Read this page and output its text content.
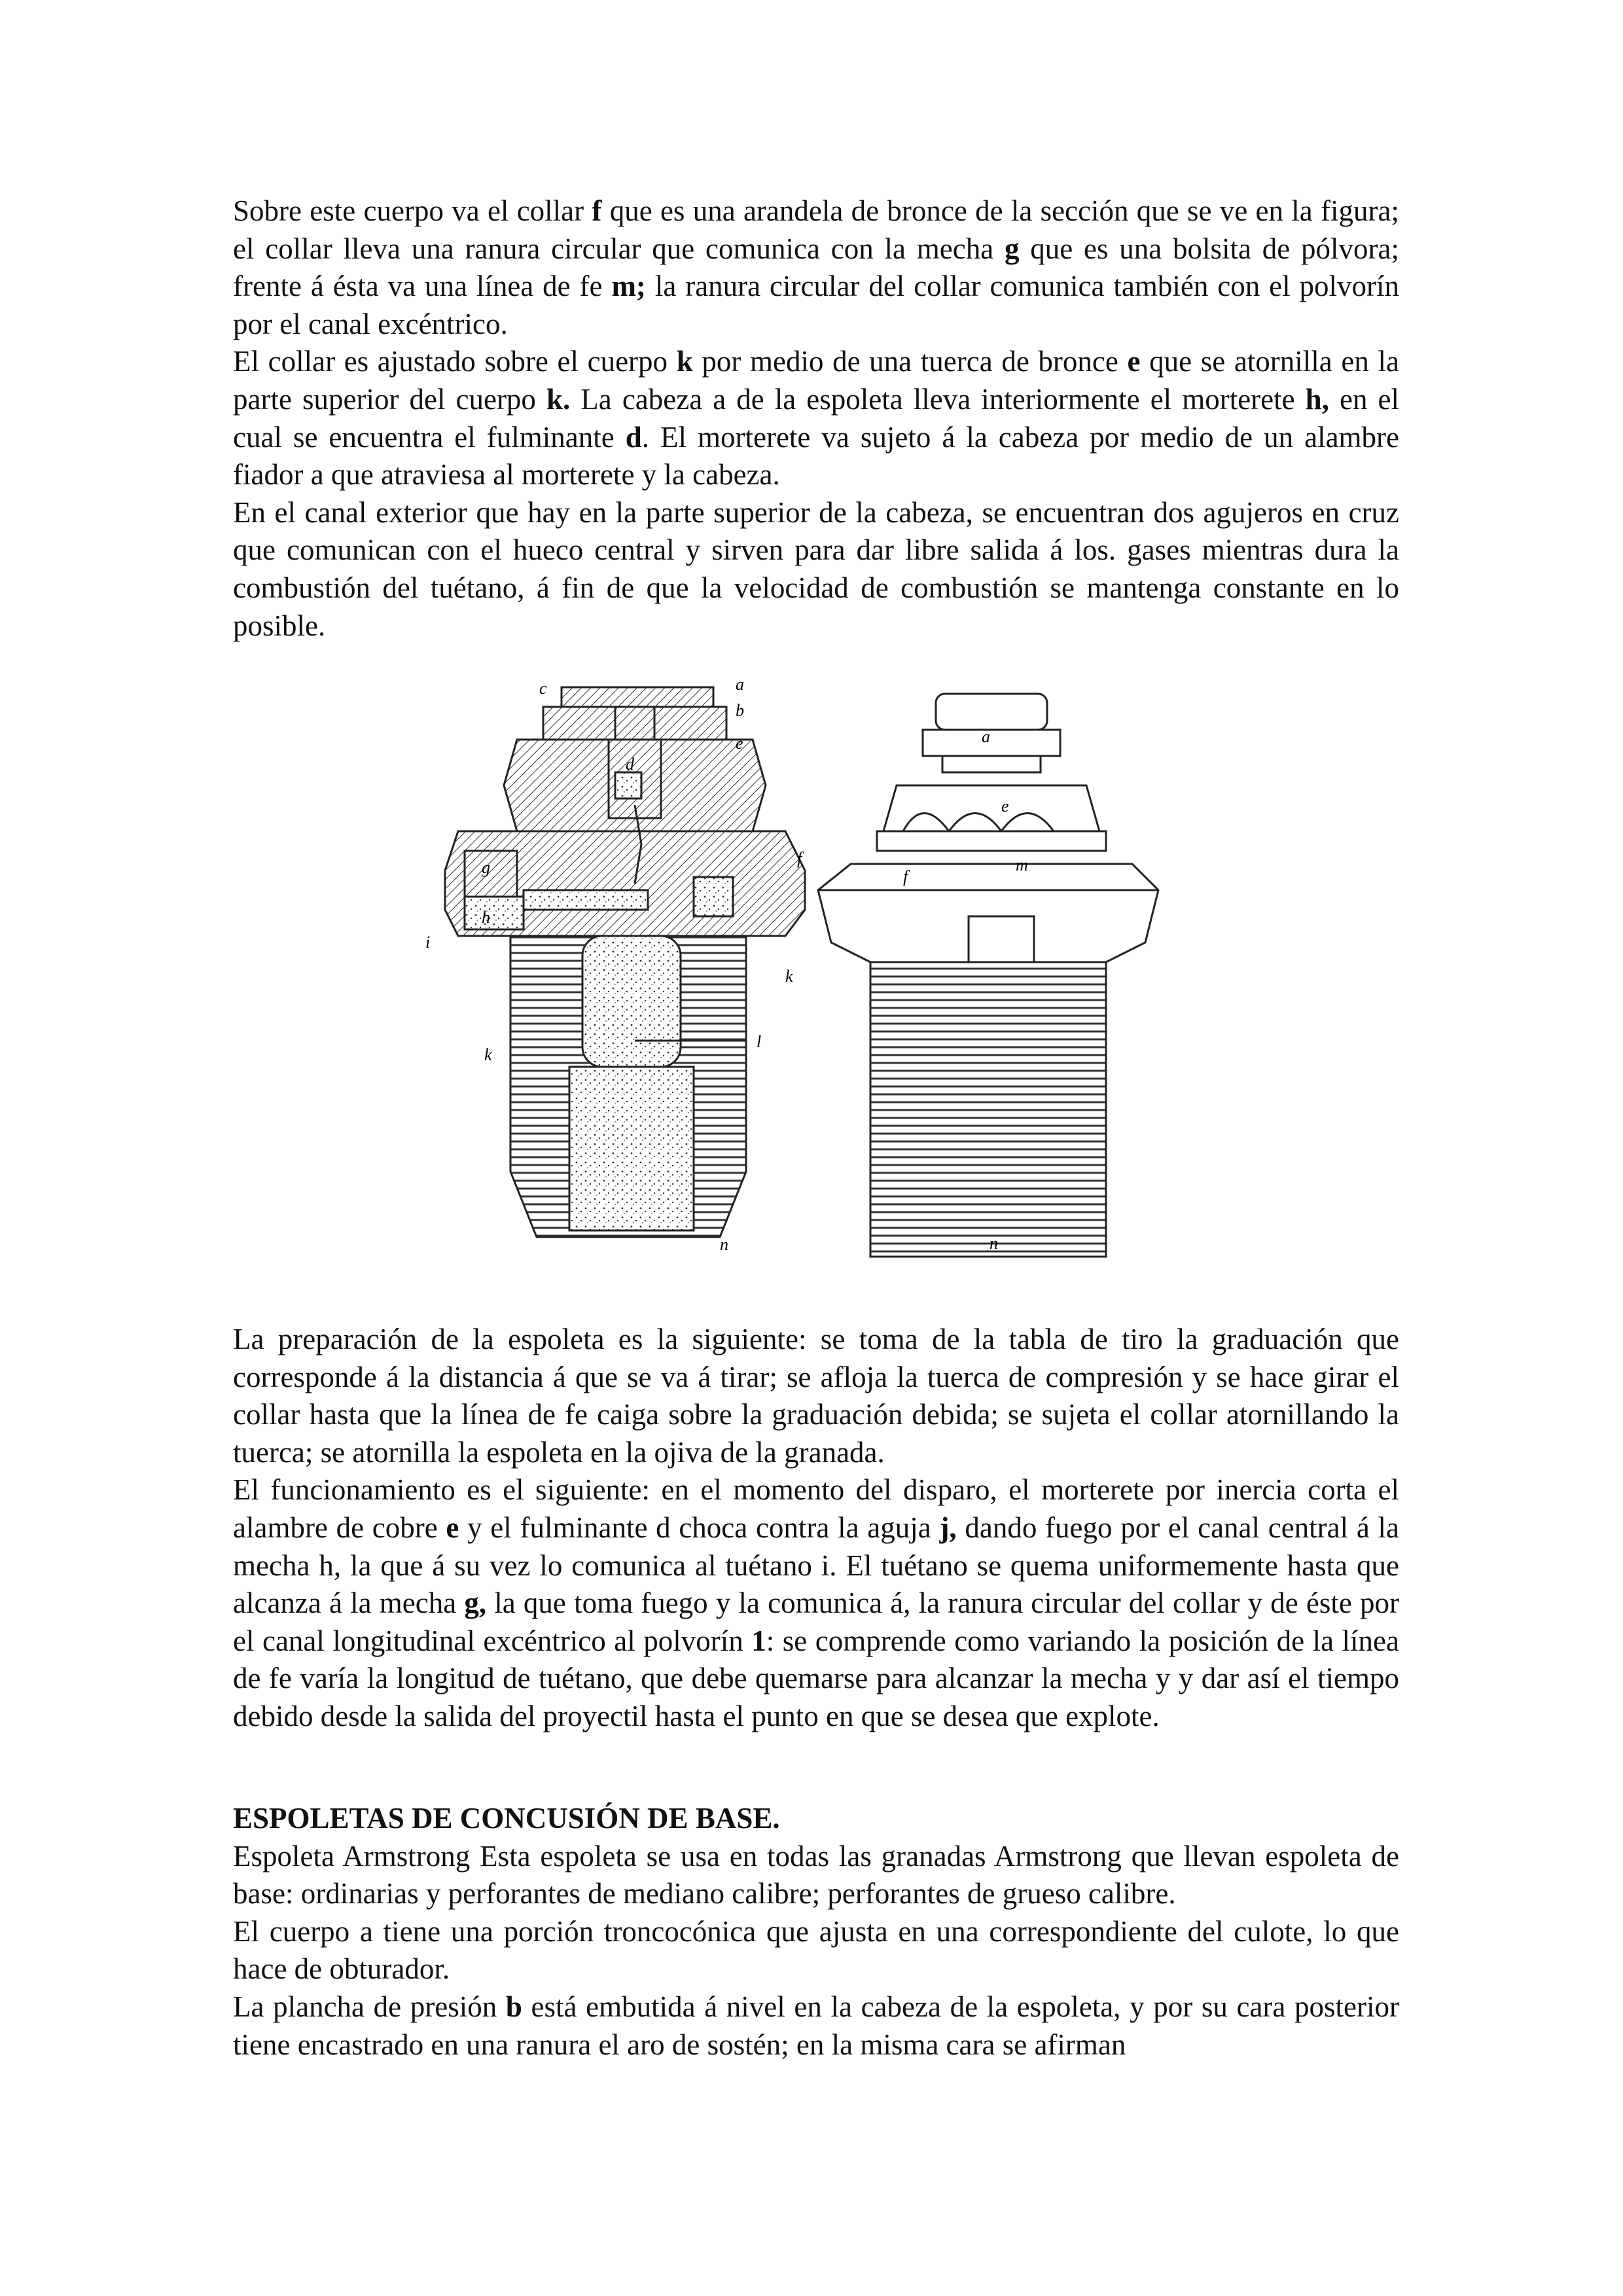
Sobre este cuerpo va el collar f que es una arandela de bronce de la sección que se ve en la figura; el collar lleva una ranura circular que comunica con la mecha g que es una bolsita de pólvora; frente á ésta va una línea de fe m; la ranura circular del collar comunica también con el polvorín por el canal excéntrico.

El collar es ajustado sobre el cuerpo k por medio de una tuerca de bronce e que se atornilla en la parte superior del cuerpo k. La cabeza a de la espoleta lleva interiormente el morterete h, en el cual se encuentra el fulminante d. El morterete va sujeto á la cabeza por medio de un alambre fiador a que atraviesa al morterete y la cabeza.

En el canal exterior que hay en la parte superior de la cabeza, se encuentran dos agujeros en cruz que comunican con el hueco central y sirven para dar libre salida á los. gases mientras dura la combustión del tuétano, á fin de que la velocidad de combustión se mantenga constante en lo posible.

c	a
b
d
e
f
g
i
h
k
k
l
n
a
e
f
m
n

La preparación de la espoleta es la siguiente: se toma de la tabla de tiro la graduación que corresponde á la distancia á que se va á tirar; se afloja la tuerca de compresión y se hace girar el collar hasta que la línea de fe caiga sobre la graduación debida; se sujeta el collar atornillando la tuerca; se atornilla la espoleta en la ojiva de la granada.

El funcionamiento es el siguiente: en el momento del disparo, el morterete por inercia corta el alambre de cobre e y el fulminante d choca contra la aguja j, dando fuego por el canal central á la mecha h, la que á su vez lo comunica al tuétano i. El tuétano se quema uniformemente hasta que alcanza á la mecha g, la que toma fuego y la comunica á, la ranura circular del collar y de éste por el canal longitudinal excéntrico al polvorín 1: se comprende como variando la posición de la línea de fe varía la longitud de tuétano, que debe quemarse para alcanzar la mecha y y dar así el tiempo debido desde la salida del proyectil hasta el punto en que se desea que explote.

ESPOLETAS DE CONCUSIÓN DE BASE.

Espoleta Armstrong Esta espoleta se usa en todas las granadas Armstrong que llevan espoleta de base: ordinarias y perforantes de mediano calibre; perforantes de grueso calibre.

El cuerpo a tiene una porción troncocónica que ajusta en una correspondiente del culote, lo que hace de obturador.

La plancha de presión b está embutida á nivel en la cabeza de la espoleta, y por su cara posterior tiene encastrado en una ranura el aro de sostén; en la misma cara se afirman
